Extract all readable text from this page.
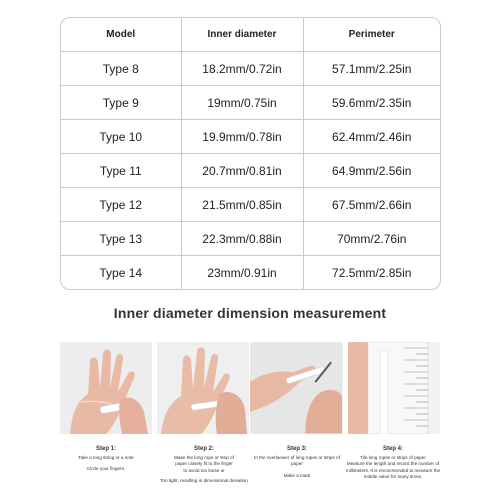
Model	Inner diameter	Perimeter
Type 8	18.2mm/0.72in	57.1mm/2.25in
Type 9	19mm/0.75in	59.6mm/2.35in
Type 10	19.9mm/0.78in	62.4mm/2.46in
Type 11	20.7mm/0.81in	64.9mm/2.56in
Type 12	21.5mm/0.85in	67.5mm/2.66in
Type 13	22.3mm/0.88in	70mm/2.76in
Type 14	23mm/0.91in	72.5mm/2.85in
Inner diameter dimension measurement
Step 1:
Take a long string or a note
Circle your fingers.
Step 2:
Make the long rope or strip of
paper closely fit to the finger
to avoid too loose or
Too tight, resulting in dimensional deviation
Step 3:
In the overlaower of long ropes or strips of paper
Make a mark
Step 4:
Tile long ropes or strips of paper
Measure the length and record the number of
millimeters. It is recommended to measure the
middle value for many times.
